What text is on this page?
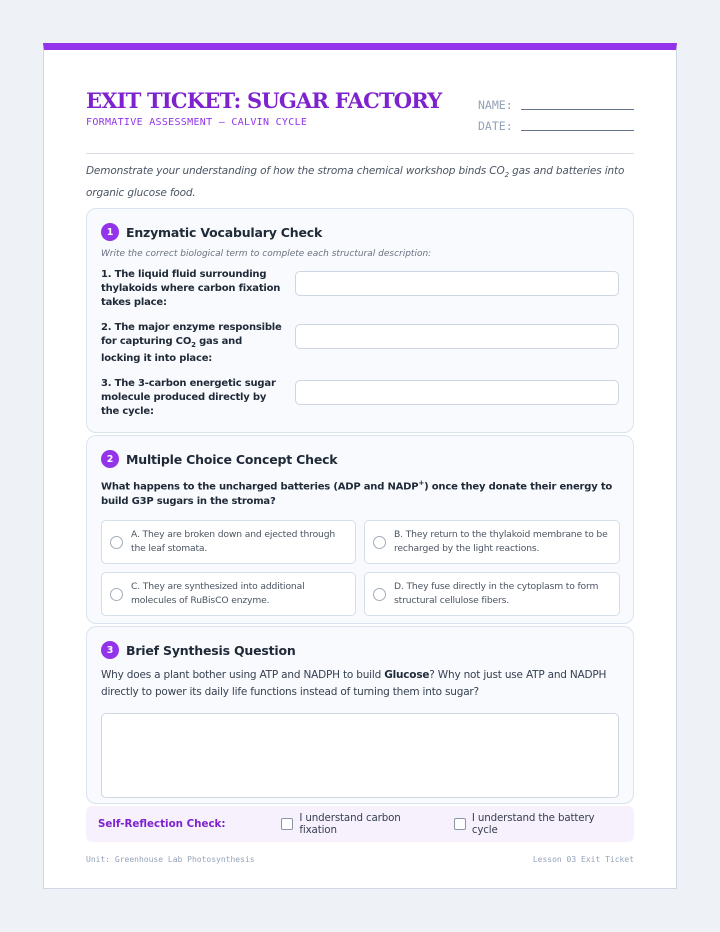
EXIT TICKET: SUGAR FACTORY
FORMATIVE ASSESSMENT — CALVIN CYCLE
NAME:
DATE:
Demonstrate your understanding of how the stroma chemical workshop binds $CO_2$ gas and batteries into organic glucose food.
1	Enzymatic Vocabulary Check
Write the correct biological term to complete each structural description:
1. The liquid fluid surrounding thylakoids where carbon fixation takes place:
2. The major enzyme responsible for capturing $CO_2$ gas and locking it into place:
3. The 3-carbon energetic sugar molecule produced directly by the cycle:
2	Multiple Choice Concept Check
What happens to the uncharged batteries (ADP and NADP+) once they donate their energy to build G3P sugars in the stroma?
A. They are broken down and ejected through the leaf stomata.
B. They return to the thylakoid membrane to be recharged by the light reactions.
C. They are synthesized into additional molecules of RuBisCO enzyme.
D. They fuse directly in the cytoplasm to form structural cellulose fibers.
3	Brief Synthesis Question
Why does a plant bother using ATP and NADPH to build Glucose? Why not just use ATP and NADPH directly to power its daily life functions instead of turning them into sugar?
Self-Reflection Check:	I understand carbon fixation
I understand the battery cycle
Unit: Greenhouse Lab Photosynthesis	Lesson 03 Exit Ticket
